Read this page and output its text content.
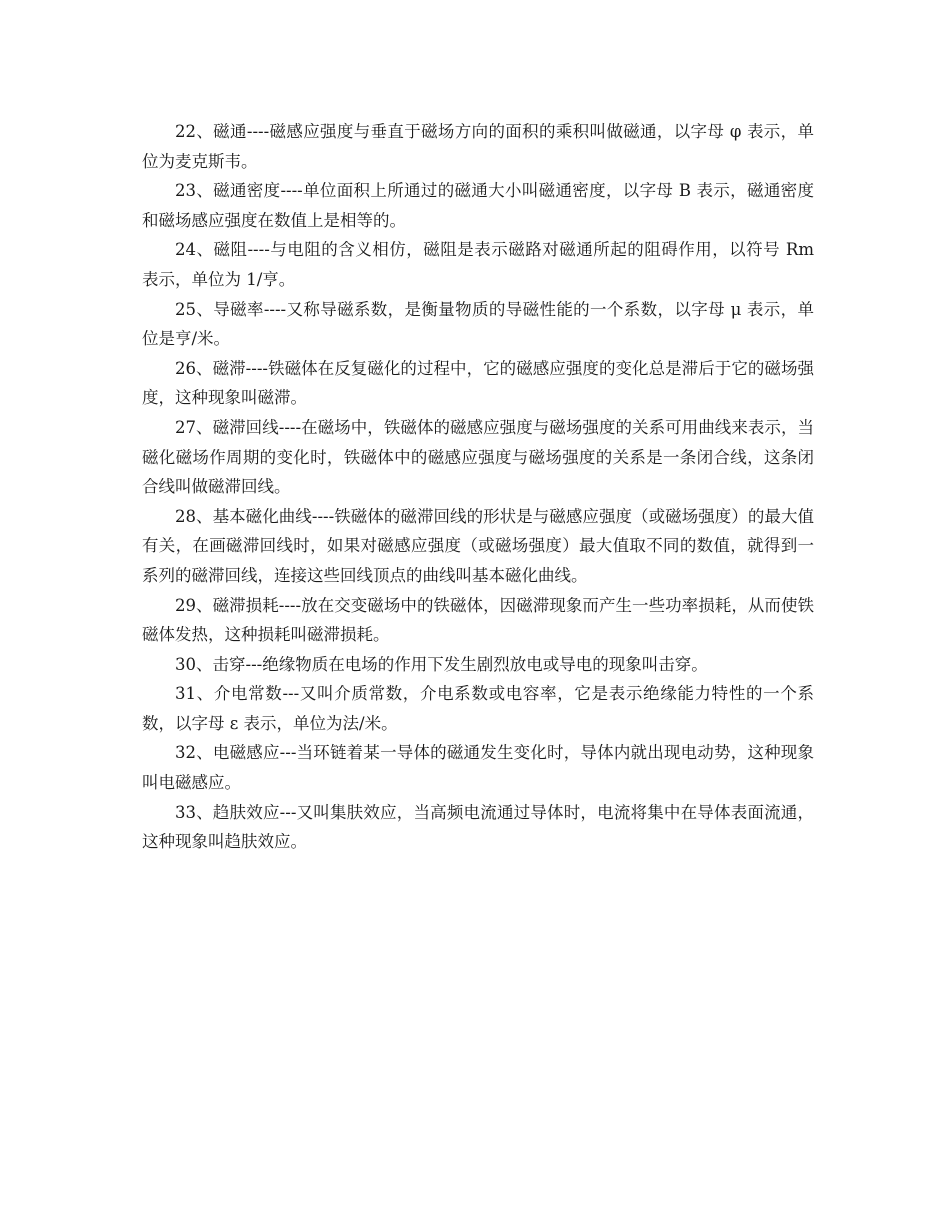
22、磁通----磁感应强度与垂直于磁场方向的面积的乘积叫做磁通，以字母 φ 表示，单位为麦克斯韦。

23、磁通密度----单位面积上所通过的磁通大小叫磁通密度，以字母 B 表示，磁通密度和磁场感应强度在数值上是相等的。

24、磁阻----与电阻的含义相仿，磁阻是表示磁路对磁通所起的阻碍作用，以符号 Rm 表示，单位为 1/亨。

25、导磁率----又称导磁系数，是衡量物质的导磁性能的一个系数，以字母 μ 表示，单位是亨/米。

26、磁滞----铁磁体在反复磁化的过程中，它的磁感应强度的变化总是滞后于它的磁场强度，这种现象叫磁滞。

27、磁滞回线----在磁场中，铁磁体的磁感应强度与磁场强度的关系可用曲线来表示，当磁化磁场作周期的变化时，铁磁体中的磁感应强度与磁场强度的关系是一条闭合线，这条闭合线叫做磁滞回线。

28、基本磁化曲线----铁磁体的磁滞回线的形状是与磁感应强度（或磁场强度）的最大值有关，在画磁滞回线时，如果对磁感应强度（或磁场强度）最大值取不同的数值，就得到一系列的磁滞回线，连接这些回线顶点的曲线叫基本磁化曲线。

29、磁滞损耗----放在交变磁场中的铁磁体，因磁滞现象而产生一些功率损耗，从而使铁磁体发热，这种损耗叫磁滞损耗。

30、击穿---绝缘物质在电场的作用下发生剧烈放电或导电的现象叫击穿。

31、介电常数---又叫介质常数，介电系数或电容率，它是表示绝缘能力特性的一个系数，以字母 ε 表示，单位为法/米。

32、电磁感应---当环链着某一导体的磁通发生变化时，导体内就出现电动势，这种现象叫电磁感应。

33、趋肤效应---又叫集肤效应，当高频电流通过导体时，电流将集中在导体表面流通，这种现象叫趋肤效应。
